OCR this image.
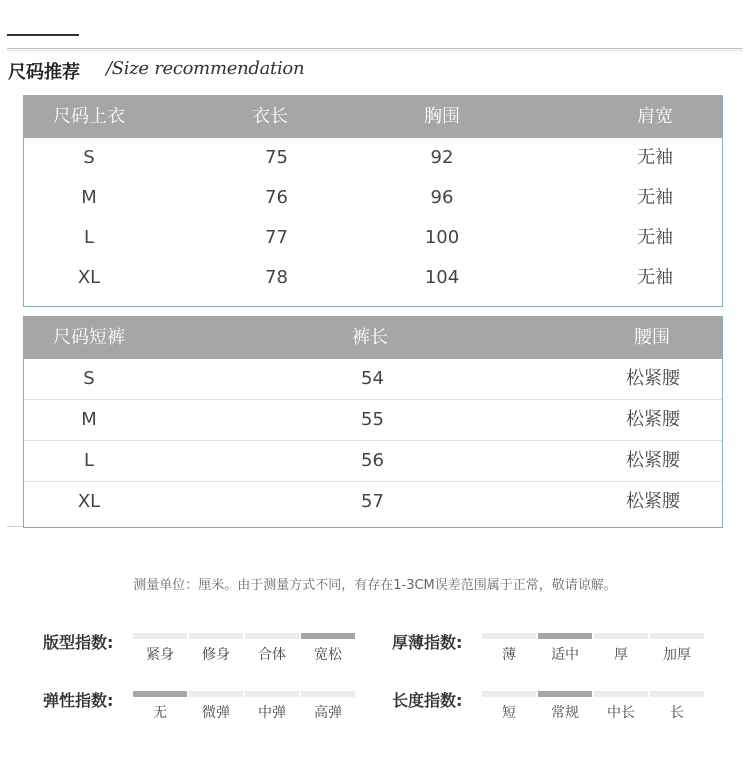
尺码推荐 /Size recommendation
尺码上衣	衣长	胸围	肩宽
S	75	92	无袖
M	76	96	无袖
L	77	100	无袖
XL	78	104	无袖
尺码短裤	裤长	腰围
S	54	松紧腰
M	55	松紧腰
L	56	松紧腰
XL	57	松紧腰
测量单位：厘米。由于测量方式不同，有存在1-3CM误差范围属于正常，敬请谅解。
版型指数:
紧身	修身	合体	宽松
厚薄指数:
薄	适中	厚	加厚
弹性指数:
无	微弹	中弹	高弹
长度指数:
短	常规	中长	长
